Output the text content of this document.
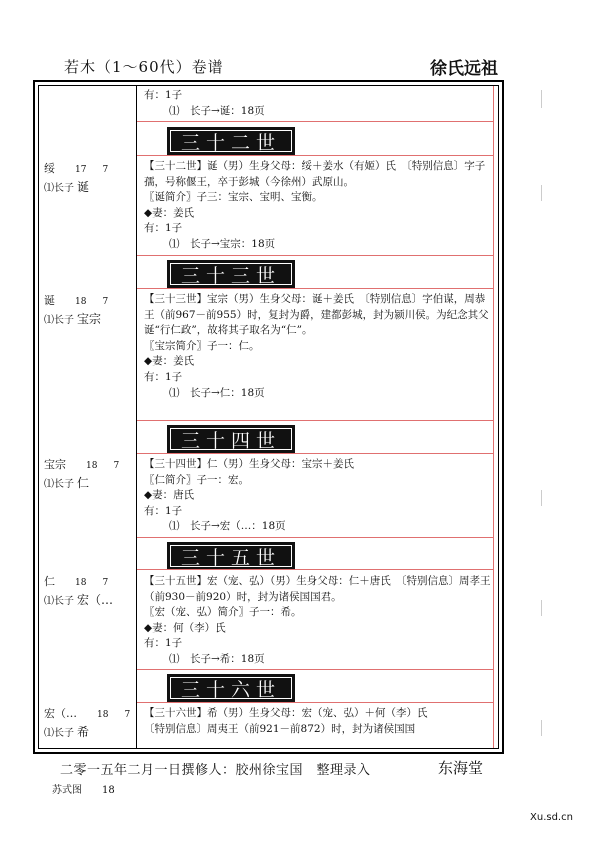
若木（1～60代）卷谱	徐氏远祖
有：1子
⑴　长子→诞：18页
三十二世
绥 17 7
⑴长子 诞
【三十二世】诞（男）生身父母：绥＋姜水（有姬）氏　〔特别信息〕字子孺，号称偃王，卒于彭城（今徐州）武原山。
〖诞简介〗子三：宝宗、宝明、宝衡。
◆妻：姜氏
有：1子
⑴　长子→宝宗：18页
三十三世
诞 18 7
⑴长子 宝宗
【三十三世】宝宗（男）生身父母：诞＋姜氏　〔特别信息〕字伯谋，周恭王（前967－前955）时，复封为爵，建都彭城，封为颍川侯。为纪念其父诞“行仁政”，故将其子取名为“仁”。
〖宝宗简介〗子一：仁。
◆妻：姜氏
有：1子
⑴　长子→仁：18页
三十四世
宝宗 18 7
⑴长子 仁
【三十四世】仁（男）生身父母：宝宗＋姜氏
〖仁简介〗子一：宏。
◆妻：唐氏
有：1子
⑴　长子→宏（…：18页
三十五世
仁 18 7
⑴长子 宏（…
【三十五世】宏（宠、弘）（男）生身父母：仁＋唐氏　〔特别信息〕周孝王（前930－前920）时，封为诸侯国国君。
〖宏（宠、弘）简介〗子一：希。
◆妻：何（李）氏
有：1子
⑴　长子→希：18页
三十六世
宏（… 18 7
⑴长子 希
【三十六世】希（男）生身父母：宏（宠、弘）＋何（李）氏
〔特别信息〕周夷王（前921－前872）时，封为诸侯国国
二零一五年二月一日撰修人：胶州徐宝国　整理录入	东海堂
苏式图 18
Xu.sd.cn
